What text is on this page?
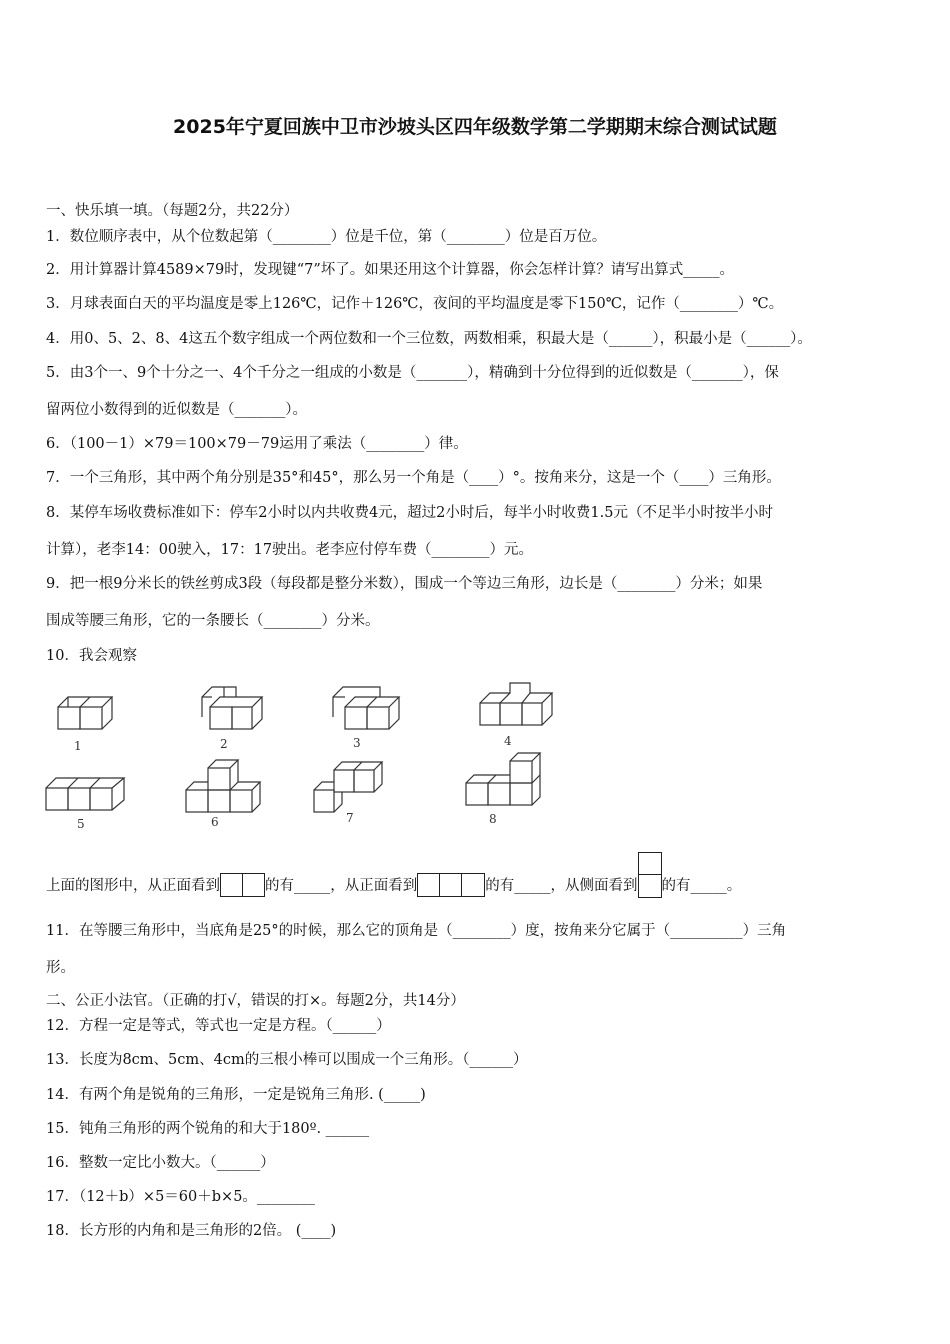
2025年宁夏回族中卫市沙坡头区四年级数学第二学期期末综合测试试题
一、快乐填一填。（每题2分，共22分）
1．数位顺序表中，从个位数起第（________）位是千位，第（________）位是百万位。
2．用计算器计算4589×79时，发现键“7”坏了。如果还用这个计算器，你会怎样计算？请写出算式_____。
3．月球表面白天的平均温度是零上126℃，记作＋126℃，夜间的平均温度是零下150℃，记作（________）℃。
4．用0、5、2、8、4这五个数字组成一个两位数和一个三位数，两数相乘，积最大是（______），积最小是（______）。
5．由3个一、9个十分之一、4个千分之一组成的小数是（_______），精确到十分位得到的近似数是（_______），保
留两位小数得到的近似数是（_______）。
6．（100－1）×79＝100×79－79运用了乘法（________）律。
7．一个三角形，其中两个角分别是35°和45°，那么另一个角是（____）°。按角来分，这是一个（____）三角形。
8．某停车场收费标准如下：停车2小时以内共收费4元，超过2小时后，每半小时收费1.5元（不足半小时按半小时
计算），老李14：00驶入，17：17驶出。老李应付停车费（________）元。
9．把一根9分米长的铁丝剪成3段（每段都是整分米数），围成一个等边三角形，边长是（________）分米；如果
围成等腰三角形，它的一条腰长（________）分米。
10．我会观察
1	2	3	4
5	6	7	8
上面的图形中，从正面看到	的有_____，从正面看到	的有_____，从侧面看到 的有_____。
11．在等腰三角形中，当底角是25°的时候，那么它的顶角是（________）度，按角来分它属于（__________）三角
形。
二、公正小法官。（正确的打√，错误的打×。每题2分，共14分）
12．方程一定是等式，等式也一定是方程。（______）
13．长度为8cm、5cm、4cm的三根小棒可以围成一个三角形。（______）
14．有两个角是锐角的三角形，一定是锐角三角形. (_____)
15．钝角三角形的两个锐角的和大于180º. ______
16．整数一定比小数大。（______）
17．（12＋b）×5＝60＋b×5。________
18．长方形的内角和是三角形的2倍。 (____)
